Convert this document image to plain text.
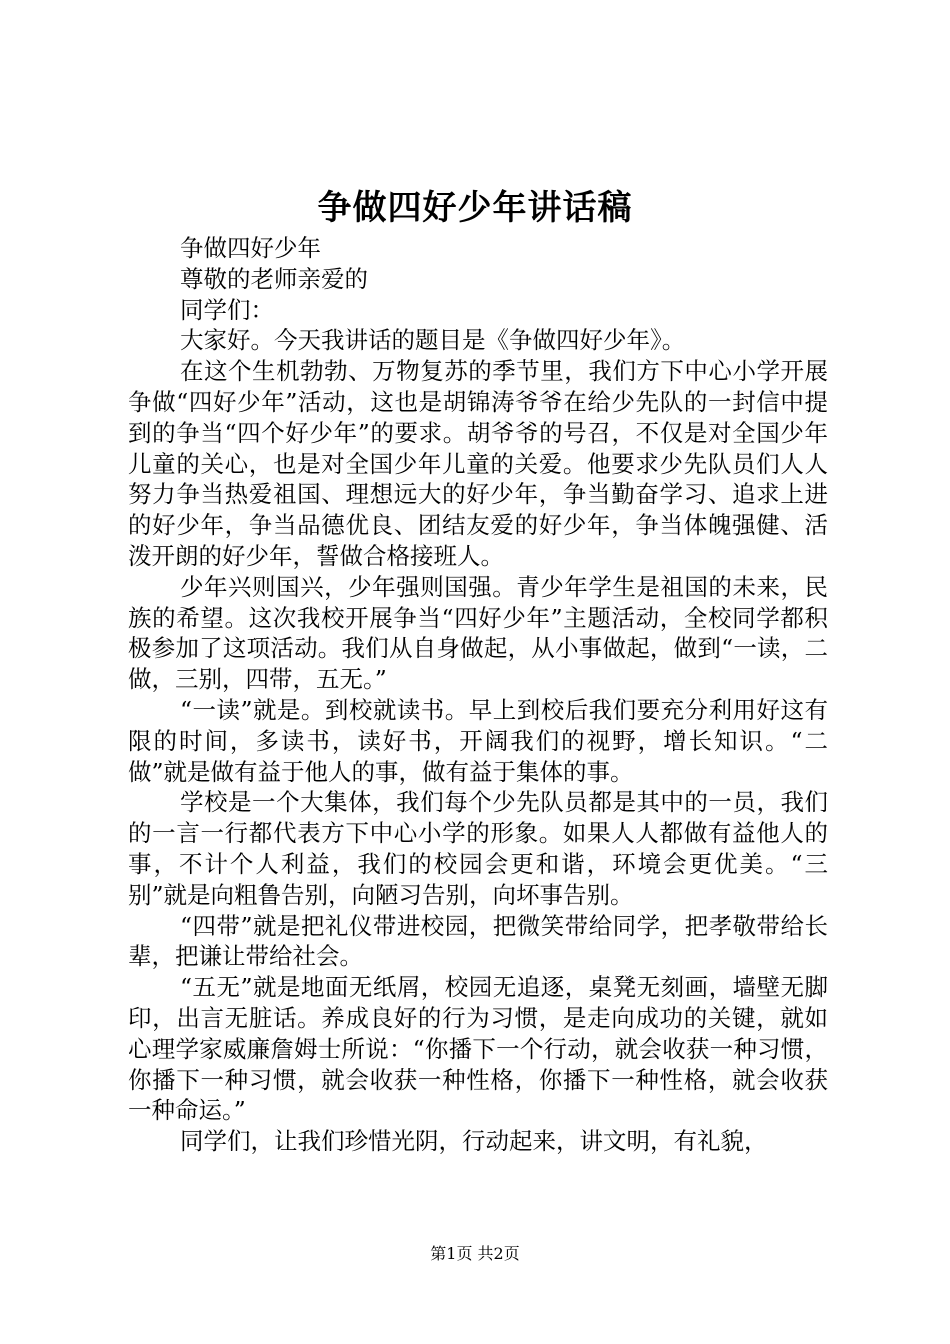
争做四好少年讲话稿

争做四好少年

尊敬的老师亲爱的

同学们：

大家好。今天我讲话的题目是《争做四好少年》。

在这个生机勃勃、万物复苏的季节里，我们方下中心小学开展争做“四好少年”活动，这也是胡锦涛爷爷在给少先队的一封信中提到的争当“四个好少年”的要求。胡爷爷的号召，不仅是对全国少年儿童的关心，也是对全国少年儿童的关爱。他要求少先队员们人人努力争当热爱祖国、理想远大的好少年，争当勤奋学习、追求上进的好少年，争当品德优良、团结友爱的好少年，争当体魄强健、活泼开朗的好少年，誓做合格接班人。

少年兴则国兴，少年强则国强。青少年学生是祖国的未来，民族的希望。这次我校开展争当“四好少年”主题活动，全校同学都积极参加了这项活动。我们从自身做起，从小事做起，做到“一读，二做，三别，四带，五无。”

“一读”就是。到校就读书。早上到校后我们要充分利用好这有限的时间，多读书，读好书，开阔我们的视野，增长知识。“二做”就是做有益于他人的事，做有益于集体的事。

学校是一个大集体，我们每个少先队员都是其中的一员，我们的一言一行都代表方下中心小学的形象。如果人人都做有益他人的事，不计个人利益，我们的校园会更和谐，环境会更优美。“三别”就是向粗鲁告别，向陋习告别，向坏事告别。

“四带”就是把礼仪带进校园，把微笑带给同学，把孝敬带给长辈，把谦让带给社会。

“五无”就是地面无纸屑，校园无追逐，桌凳无刻画，墙壁无脚印，出言无脏话。养成良好的行为习惯，是走向成功的关键，就如心理学家威廉詹姆士所说：“你播下一个行动，就会收获一种习惯，你播下一种习惯，就会收获一种性格，你播下一种性格，就会收获一种命运。”

同学们，让我们珍惜光阴，行动起来，讲文明，有礼貌，

第1页 共2页
